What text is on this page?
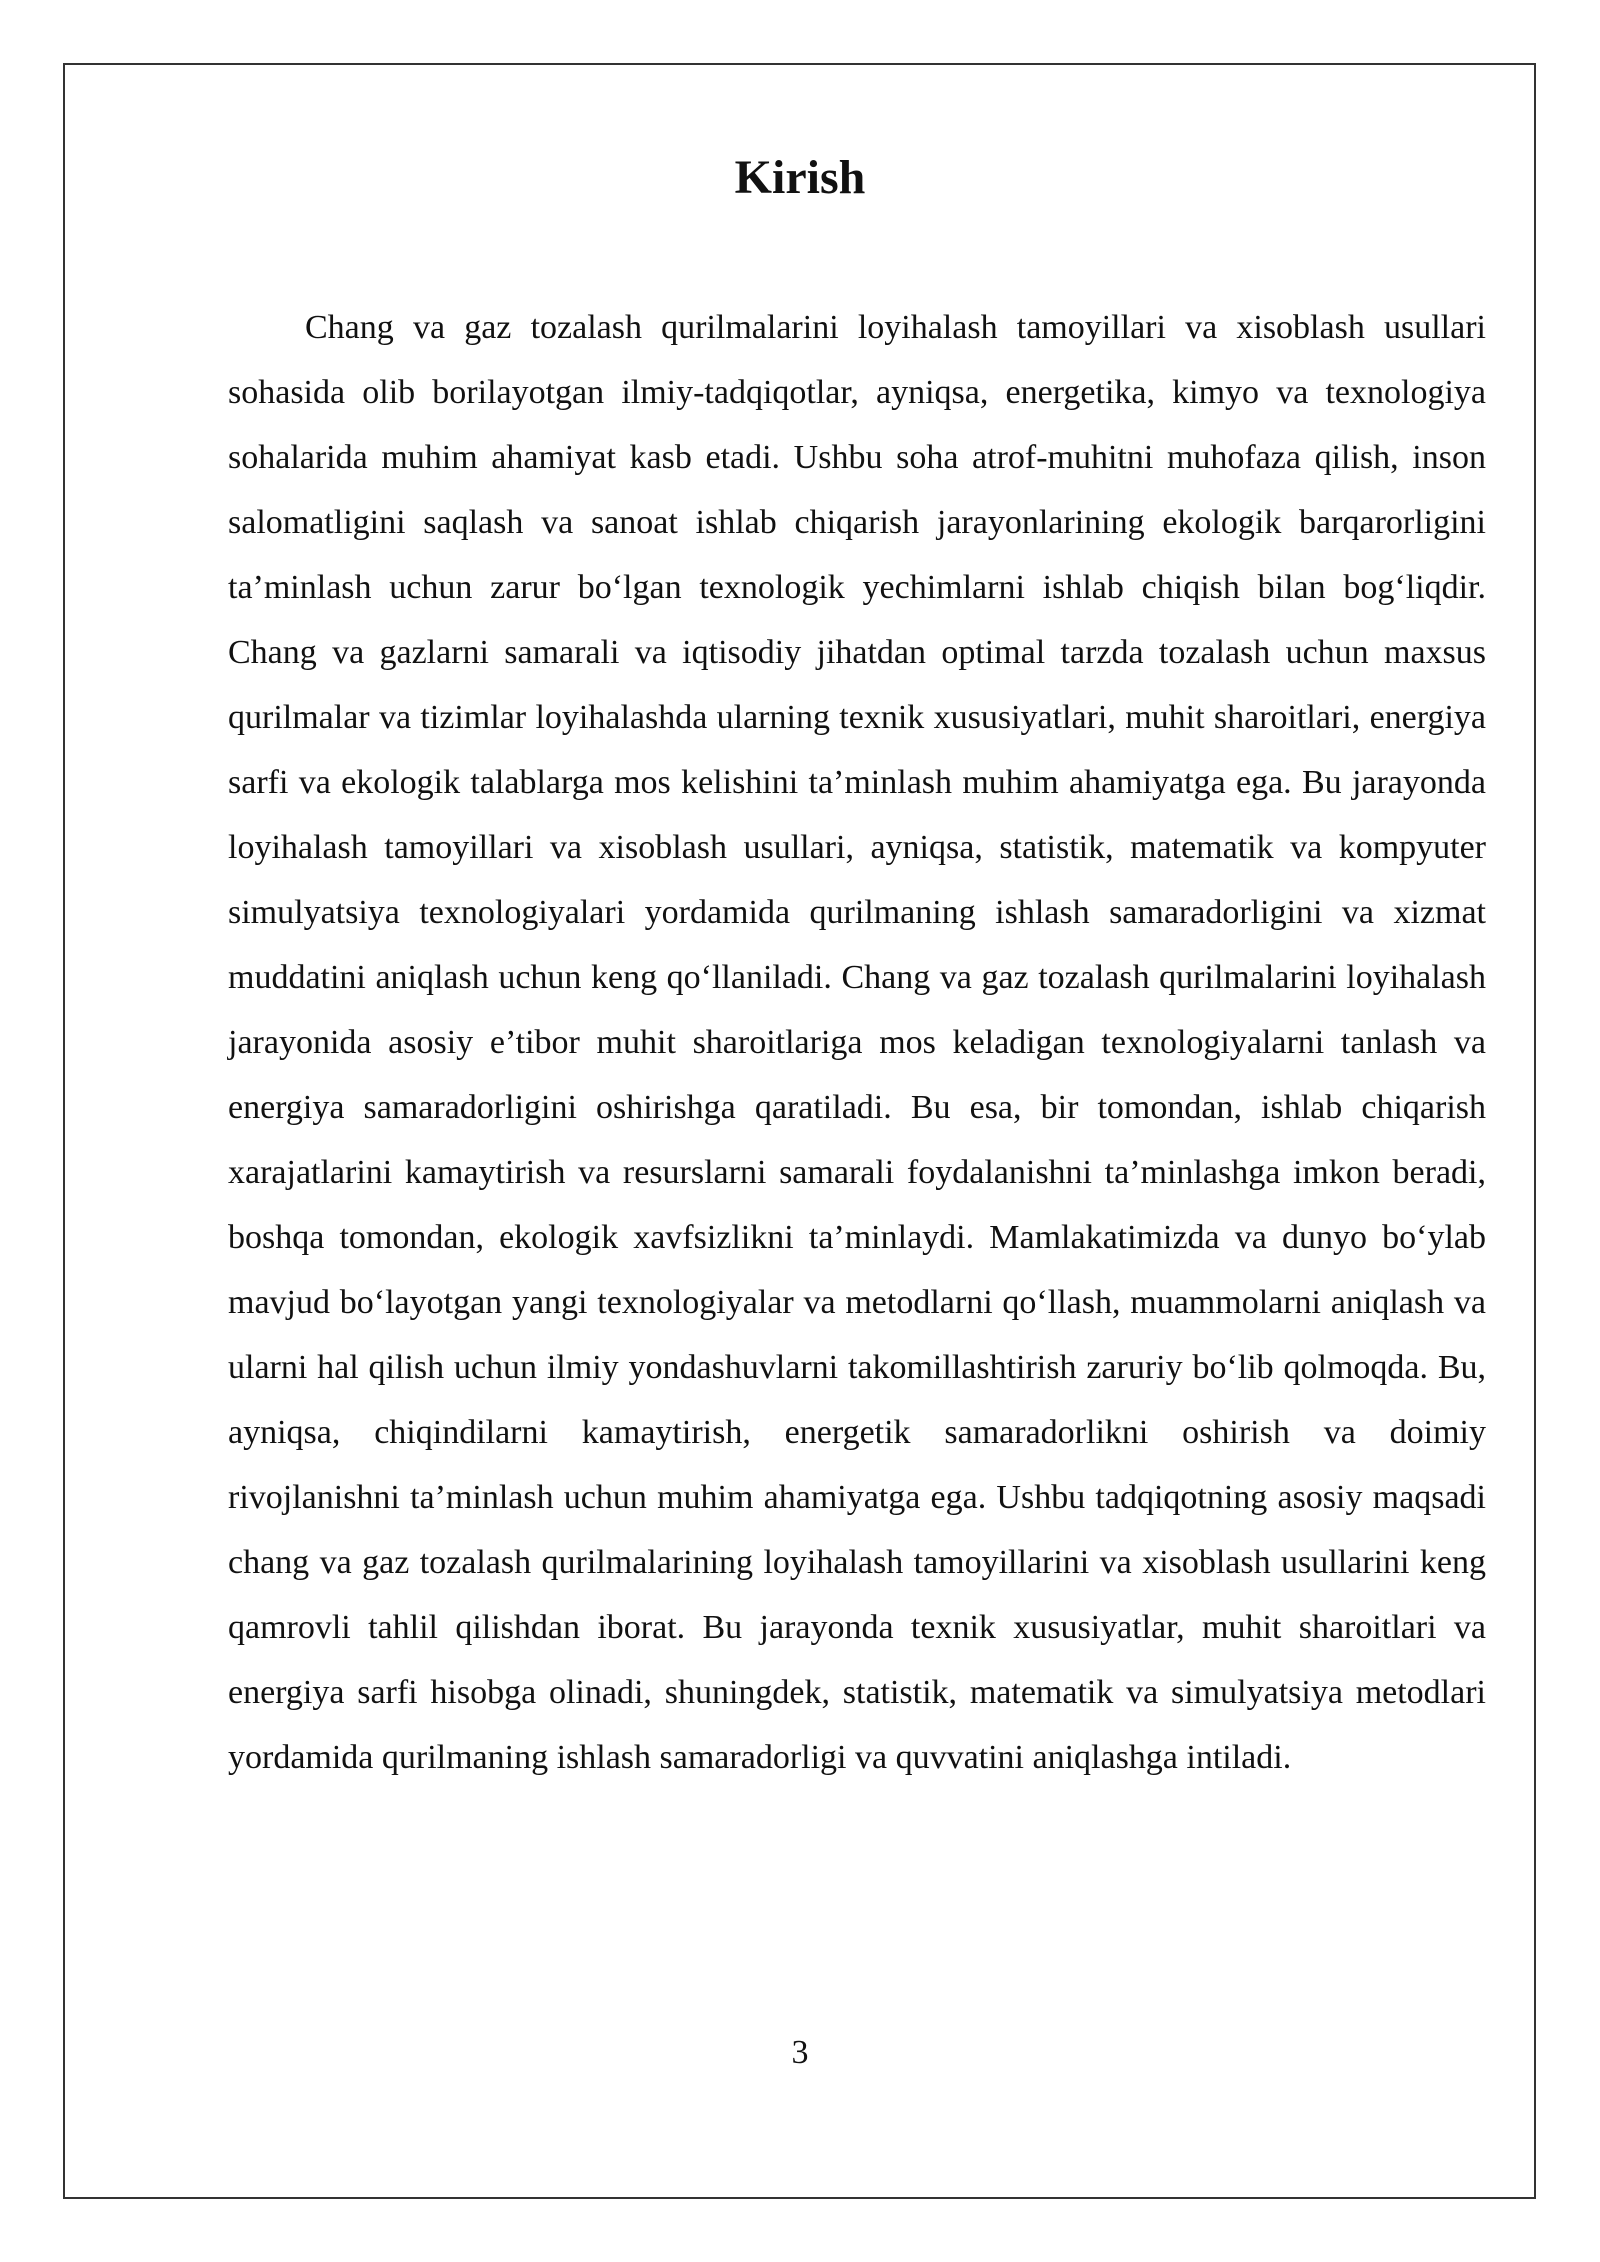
Kirish

Chang va gaz tozalash qurilmalarini loyihalash tamoyillari va xisoblash usullari sohasida olib borilayotgan ilmiy-tadqiqotlar, ayniqsa, energetika, kimyo va texnologiya sohalarida muhim ahamiyat kasb etadi. Ushbu soha atrof-muhitni muhofaza qilish, inson salomatligini saqlash va sanoat ishlab chiqarish jarayonlarining ekologik barqarorligini ta’minlash uchun zarur bo‘lgan texnologik yechimlarni ishlab chiqish bilan bog‘liqdir. Chang va gazlarni samarali va iqtisodiy jihatdan optimal tarzda tozalash uchun maxsus qurilmalar va tizimlar loyihalashda ularning texnik xususiyatlari, muhit sharoitlari, energiya sarfi va ekologik talablarga mos kelishini ta’minlash muhim ahamiyatga ega. Bu jarayonda loyihalash tamoyillari va xisoblash usullari, ayniqsa, statistik, matematik va kompyuter simulyatsiya texnologiyalari yordamida qurilmaning ishlash samaradorligini va xizmat muddatini aniqlash uchun keng qo‘llaniladi. Chang va gaz tozalash qurilmalarini loyihalash jarayonida asosiy e’tibor muhit sharoitlariga mos keladigan texnologiyalarni tanlash va energiya samaradorligini oshirishga qaratiladi. Bu esa, bir tomondan, ishlab chiqarish xarajatlarini kamaytirish va resurslarni samarali foydalanishni ta’minlashga imkon beradi, boshqa tomondan, ekologik xavfsizlikni ta’minlaydi. Mamlakatimizda va dunyo bo‘ylab mavjud bo‘layotgan yangi texnologiyalar va metodlarni qo‘llash, muammolarni aniqlash va ularni hal qilish uchun ilmiy yondashuvlarni takomillashtirish zaruriy bo‘lib qolmoqda. Bu, ayniqsa, chiqindilarni kamaytirish, energetik samaradorlikni oshirish va doimiy rivojlanishni ta’minlash uchun muhim ahamiyatga ega. Ushbu tadqiqotning asosiy maqsadi chang va gaz tozalash qurilmalarining loyihalash tamoyillarini va xisoblash usullarini keng qamrovli tahlil qilishdan iborat. Bu jarayonda texnik xususiyatlar, muhit sharoitlari va energiya sarfi hisobga olinadi, shuningdek, statistik, matematik va simulyatsiya metodlari yordamida qurilmaning ishlash samaradorligi va quvvatini aniqlashga intiladi.

3
